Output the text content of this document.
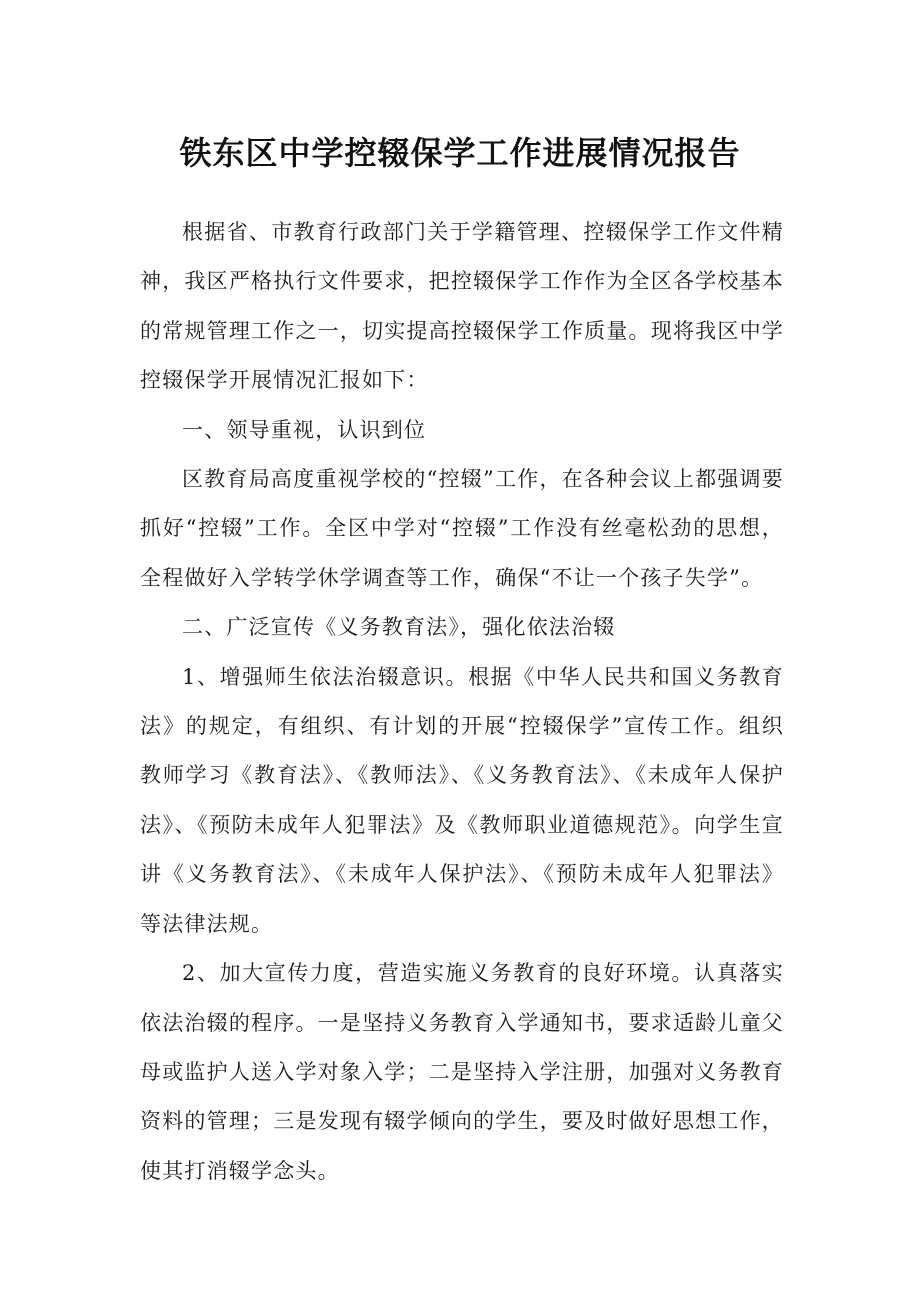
铁东区中学控辍保学工作进展情况报告

根据省、市教育行政部门关于学籍管理、控辍保学工作文件精神，我区严格执行文件要求，把控辍保学工作作为全区各学校基本的常规管理工作之一，切实提高控辍保学工作质量。现将我区中学控辍保学开展情况汇报如下：

一、领导重视，认识到位

区教育局高度重视学校的“控辍”工作，在各种会议上都强调要抓好“控辍”工作。全区中学对“控辍”工作没有丝毫松劲的思想，全程做好入学转学休学调查等工作，确保“不让一个孩子失学”。

二、广泛宣传《义务教育法》，强化依法治辍

1、增强师生依法治辍意识。根据《中华人民共和国义务教育法》的规定，有组织、有计划的开展“控辍保学”宣传工作。组织教师学习《教育法》、《教师法》、《义务教育法》、《未成年人保护法》、《预防未成年人犯罪法》及《教师职业道德规范》。向学生宣讲《义务教育法》、《未成年人保护法》、《预防未成年人犯罪法》等法律法规。

2、加大宣传力度，营造实施义务教育的良好环境。认真落实依法治辍的程序。一是坚持义务教育入学通知书，要求适龄儿童父母或监护人送入学对象入学；二是坚持入学注册，加强对义务教育资料的管理；三是发现有辍学倾向的学生，要及时做好思想工作，使其打消辍学念头。
